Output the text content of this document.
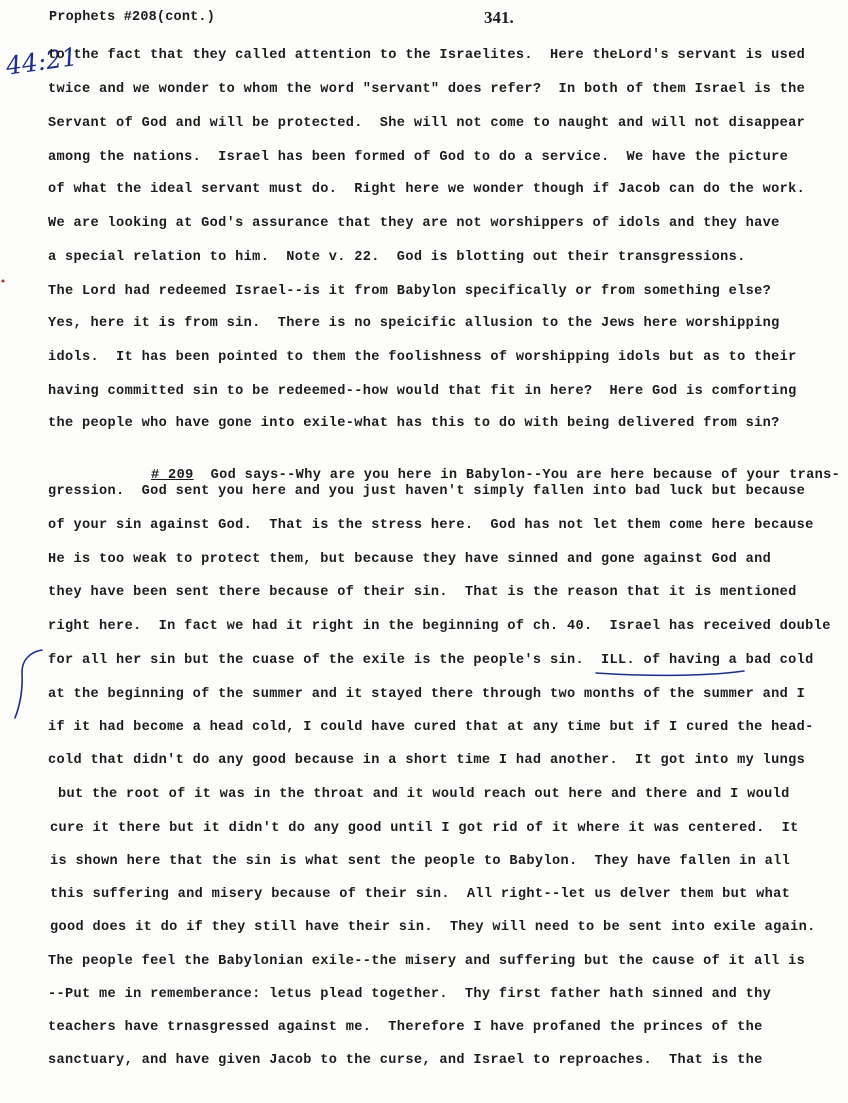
Prophets #208(cont.)	341.
44:21
to the fact that they called attention to the Israelites.  Here theLord's servant is used
twice and we wonder to whom the word "servant" does refer?  In both of them Israel is the
Servant of God and will be protected.  She will not come to naught and will not disappear
among the nations.  Israel has been formed of God to do a service.  We have the picture
of what the ideal servant must do.  Right here we wonder though if Jacob can do the work.
We are looking at God's assurance that they are not worshippers of idols and they have
a special relation to him.  Note v. 22.  God is blotting out their transgressions.
The Lord had redeemed Israel--is it from Babylon specifically or from something else?
Yes, here it is from sin.  There is no speicific allusion to the Jews here worshipping
idols.  It has been pointed to them the foolishness of worshipping idols but as to their
having committed sin to be redeemed--how would that fit in here?  Here God is comforting
the people who have gone into exile-what has this to do with being delivered from sin?

# 209 God says--Why are you here in Babylon--You are here because of your trans-

gression.  God sent you here and you just haven't simply fallen into bad luck but because
of your sin against God.  That is the stress here.  God has not let them come here because
He is too weak to protect them, but because they have sinned and gone against God and
they have been sent there because of their sin.  That is the reason that it is mentioned
right here.  In fact we had it right in the beginning of ch. 40.  Israel has received double
for all her sin but the cuase of the exile is the people's sin.  ILL. of having a bad cold
at the beginning of the summer and it stayed there through two months of the summer and I
if it had become a head cold, I could have cured that at any time but if I cured the head-
cold that didn't do any good because in a short time I had another.  It got into my lungs
but the root of it was in the throat and it would reach out here and there and I would
cure it there but it didn't do any good until I got rid of it where it was centered.  It
is shown here that the sin is what sent the people to Babylon.  They have fallen in all
this suffering and misery because of their sin.  All right--let us delver them but what
good does it do if they still have their sin.  They will need to be sent into exile again.
The people feel the Babylonian exile--the misery and suffering but the cause of it all is
--Put me in rememberance: letus plead together.  Thy first father hath sinned and thy
teachers have trnasgressed against me.  Therefore I have profaned the princes of the
sanctuary, and have given Jacob to the curse, and Israel to reproaches.  That is the
